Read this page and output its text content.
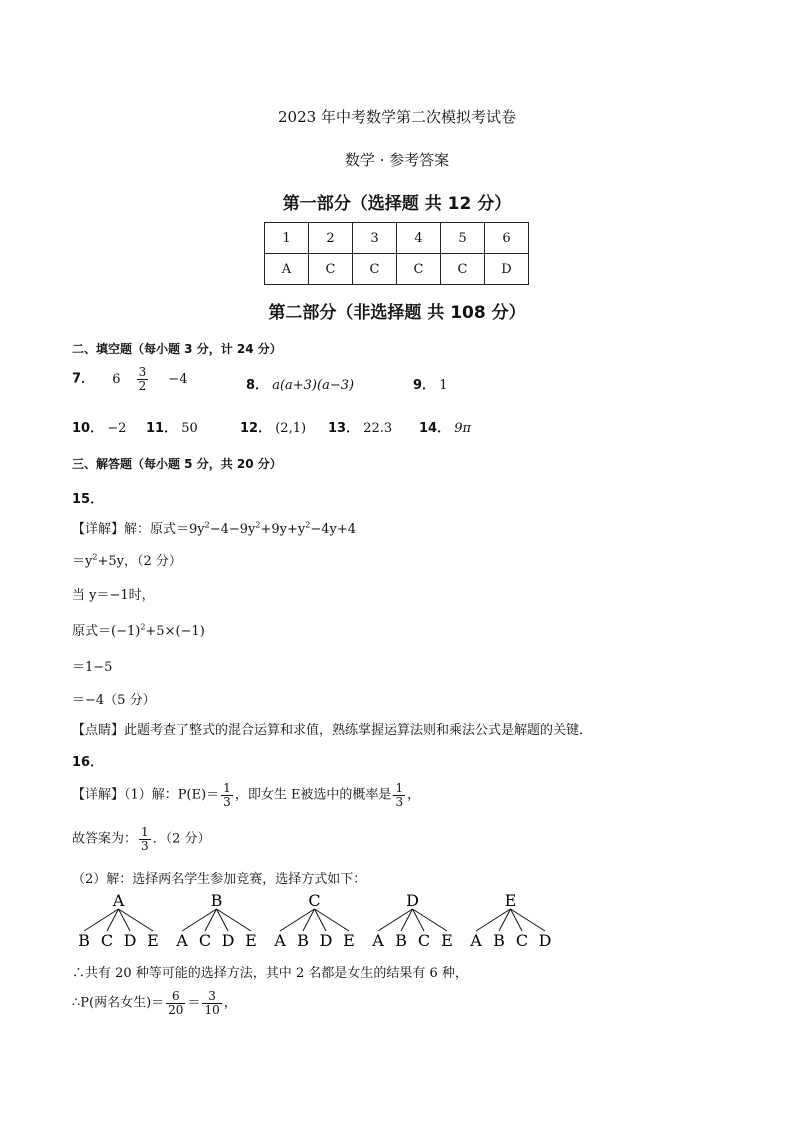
2023 年中考数学第二次模拟考试卷
数学 · 参考答案
第一部分（选择题 共 12 分）
1	2	3	4	5	6
A	C	C	C	C	D
第二部分（非选择题 共 108 分）
二、填空题（每小题 3 分，计 24 分）
7． $6 \frac{3}{2} -4$	8． a(a+3)(a−3)	9． 1
10． −2 11． 50	12． (2,1) 13． 22.3 14． 9π
三、解答题（每小题 5 分，共 20 分）
15．
【详解】解：原式$=9y^2-4-9y^2+9y+y^2-4y+4$
$=y^2+5y$，（2 分）
当 y＝−1时，
原式$=(-1)^2+5\times(-1)$
＝1−5
＝−4（5 分）
【点睛】此题考查了整式的混合运算和求值，熟练掌握运算法则和乘法公式是解题的关键．
16．
【详解】（1）解：$P(E)= \frac{1}{3}$ ，即女生 E被选中的概率是 $\frac{1}{3}$ ，
故答案为： $\frac{1}{3}$ ．（2 分）
（2）解：选择两名学生参加竞赛，选择方式如下：
A
B C D E
B
A C D E
C
A B D E
D
A B C E
E
A B C D
∴共有 20 种等可能的选择方法，其中 2 名都是女生的结果有 6 种，
∴P(两名女生)＝ $\frac{6}{20} = \frac{3}{10}$ ，
